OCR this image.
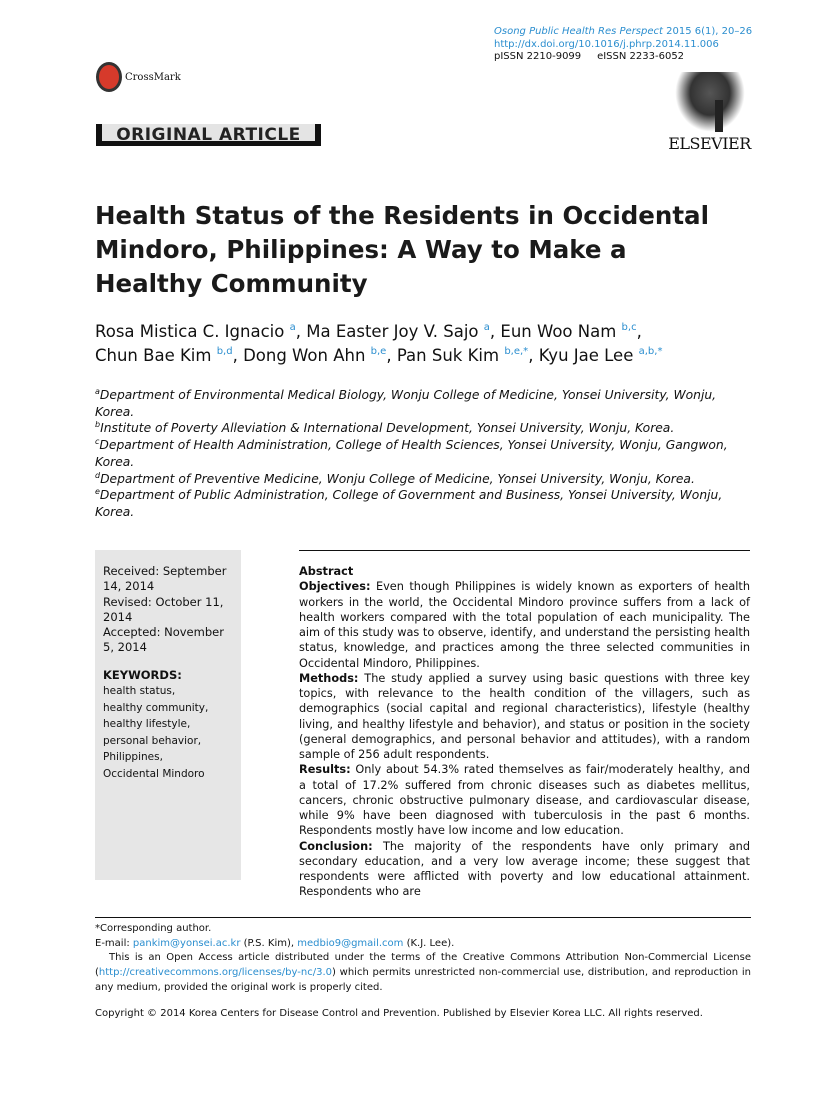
Osong Public Health Res Perspect 2015 6(1), 20–26
http://dx.doi.org/10.1016/j.phrp.2014.11.006
pISSN 2210-9099 eISSN 2233-6052
CrossMark
ELSEVIER
ORIGINAL ARTICLE
Health Status of the Residents in Occidental Mindoro, Philippines: A Way to Make a Healthy Community
Rosa Mistica C. Ignacio $^a$, Ma Easter Joy V. Sajo $^a$, Eun Woo Nam $^{b,c}$,
Chun Bae Kim $^{b,d}$, Dong Won Ahn $^{b,e}$, Pan Suk Kim $^{b,e,*}$, Kyu Jae Lee $^{a,b,*}$
$^a$Department of Environmental Medical Biology, Wonju College of Medicine, Yonsei University, Wonju, Korea.
$^b$Institute of Poverty Alleviation & International Development, Yonsei University, Wonju, Korea.
$^c$Department of Health Administration, College of Health Sciences, Yonsei University, Wonju, Gangwon, Korea.
$^d$Department of Preventive Medicine, Wonju College of Medicine, Yonsei University, Wonju, Korea.
$^e$Department of Public Administration, College of Government and Business, Yonsei University, Wonju, Korea.
Received: September 14, 2014
Revised: October 11, 2014
Accepted: November 5, 2014
KEYWORDS:
health status,
healthy community,
healthy lifestyle,
personal behavior,
Philippines,
Occidental Mindoro
Abstract
Objectives: Even though Philippines is widely known as exporters of health workers in the world, the Occidental Mindoro province suffers from a lack of health workers compared with the total population of each municipality. The aim of this study was to observe, identify, and understand the persisting health status, knowledge, and practices among the three selected communities in Occidental Mindoro, Philippines.
Methods: The study applied a survey using basic questions with three key topics, with relevance to the health condition of the villagers, such as demographics (social capital and regional characteristics), lifestyle (healthy living, and healthy lifestyle and behavior), and status or position in the society (general demographics, and personal behavior and attitudes), with a random sample of 256 adult respondents.
Results: Only about 54.3% rated themselves as fair/moderately healthy, and a total of 17.2% suffered from chronic diseases such as diabetes mellitus, cancers, chronic obstructive pulmonary disease, and cardiovascular disease, while 9% have been diagnosed with tuberculosis in the past 6 months. Respondents mostly have low income and low education.
Conclusion: The majority of the respondents have only primary and secondary education, and a very low average income; these suggest that respondents were afflicted with poverty and low educational attainment. Respondents who are
*Corresponding author.
E-mail: pankim@yonsei.ac.kr (P.S. Kim), medbio9@gmail.com (K.J. Lee).
This is an Open Access article distributed under the terms of the Creative Commons Attribution Non-Commercial License (http://creativecommons.org/licenses/by-nc/3.0) which permits unrestricted non-commercial use, distribution, and reproduction in any medium, provided the original work is properly cited.
Copyright © 2014 Korea Centers for Disease Control and Prevention. Published by Elsevier Korea LLC. All rights reserved.
